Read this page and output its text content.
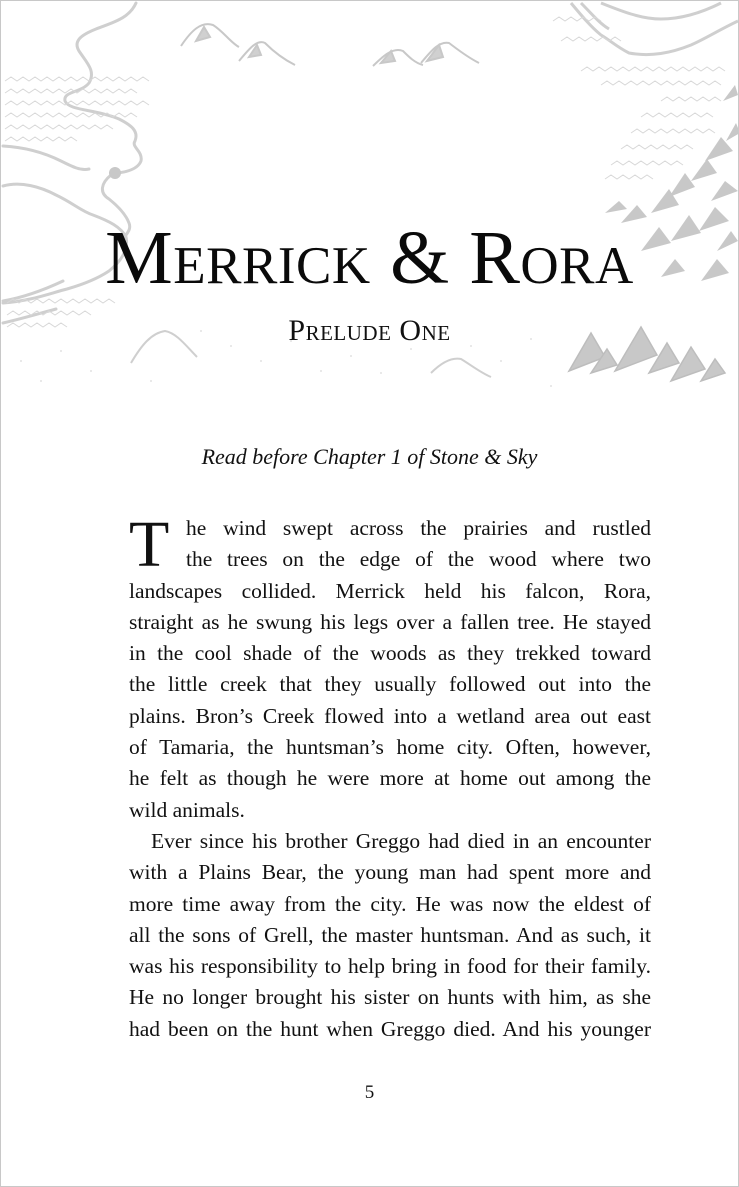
Merrick & Rora
Prelude One
Read before Chapter 1 of Stone & Sky
T he wind swept across the prairies and rustled
the trees on the edge of the wood where two
landscapes collided. Merrick held his falcon, Rora,
straight as he swung his legs over a fallen tree. He stayed
in the cool shade of the woods as they trekked toward
the little creek that they usually followed out into the
plains. Bron’s Creek flowed into a wetland area out east
of Tamaria, the huntsman’s home city. Often, however,
he felt as though he were more at home out among the
wild animals.
Ever since his brother Greggo had died in an encounter
with a Plains Bear, the young man had spent more and
more time away from the city. He was now the eldest of
all the sons of Grell, the master huntsman. And as such, it
was his responsibility to help bring in food for their family.
He no longer brought his sister on hunts with him, as she
had been on the hunt when Greggo died. And his younger
5
